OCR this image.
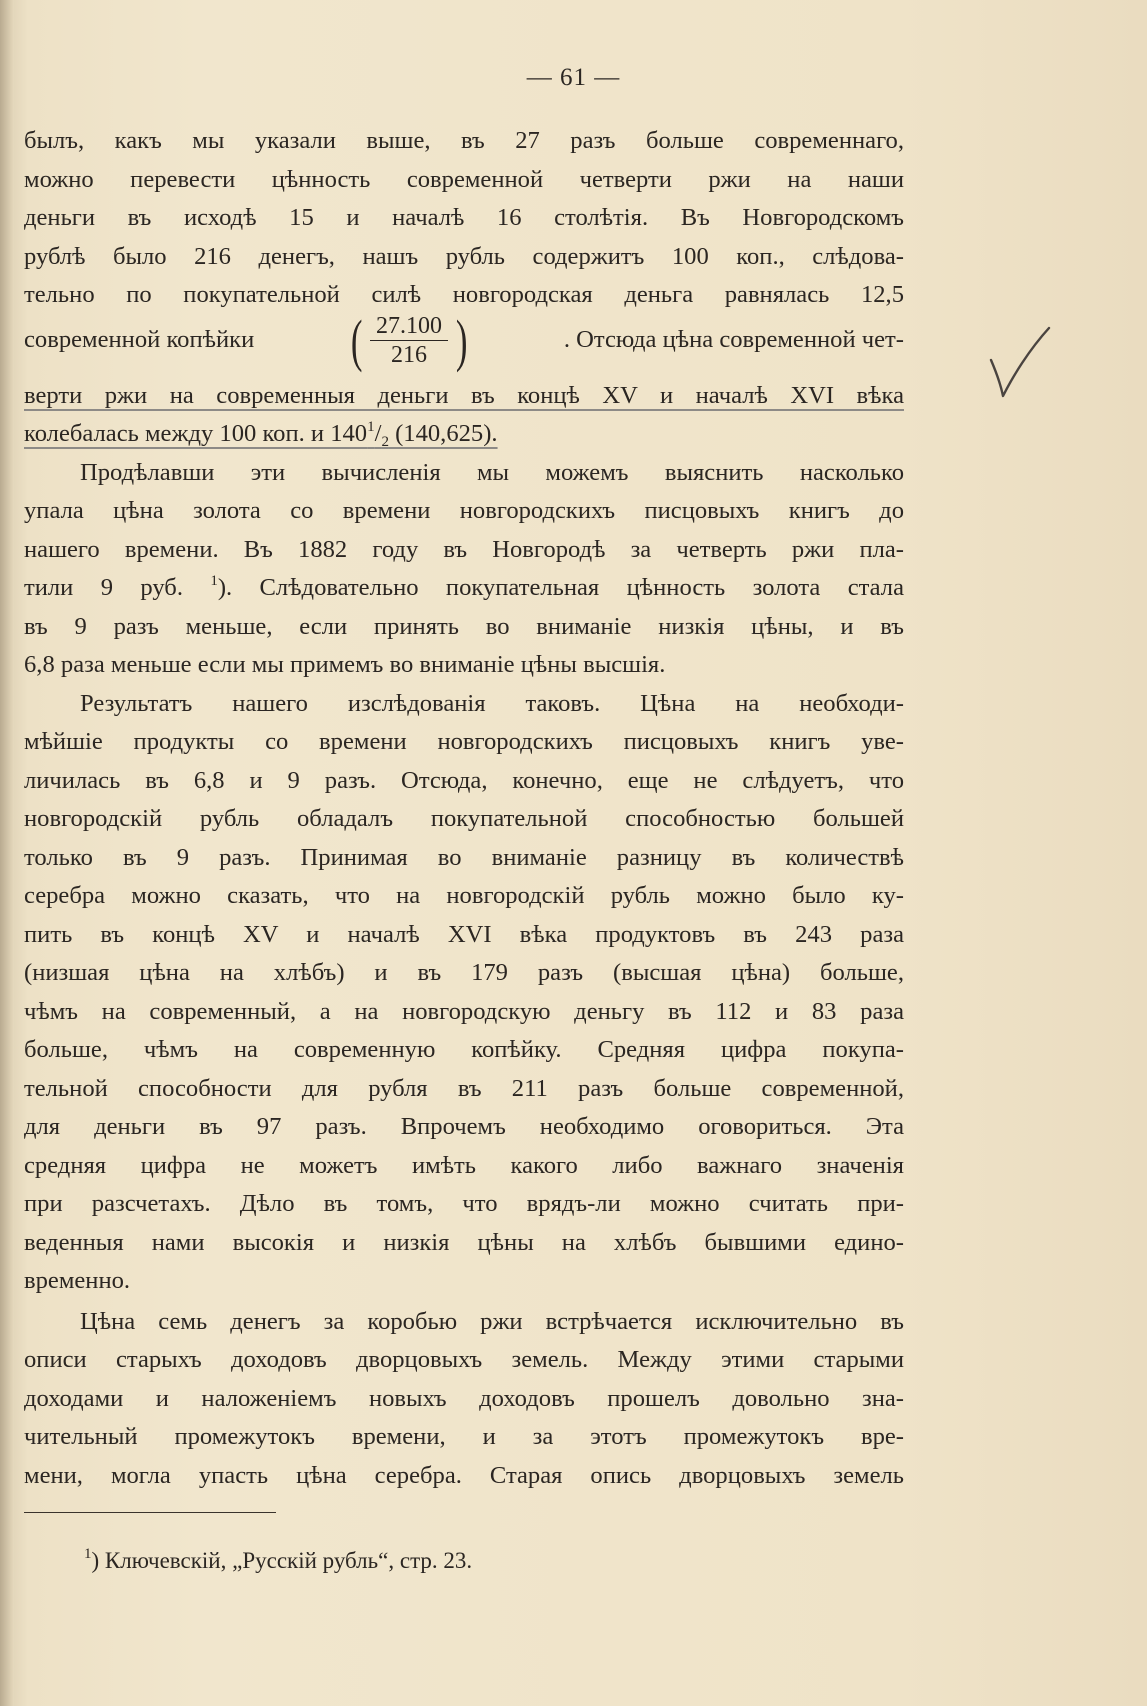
— 61 —
былъ, какъ мы указали выше, въ 27 разъ больше современнаго,
можно перевести цѣнность современной четверти ржи на наши
деньги въ исходѣ 15 и началѣ 16 столѣтія. Въ Новгородскомъ
рублѣ было 216 денегъ, нашъ рубль содержитъ 100 коп., слѣдова-
тельно по покупательной силѣ новгородская деньга равнялась 12,5
современной копѣйки ( $\frac{27.100}{216}$ )	. Отсюда цѣна современной чет-
верти ржи на современныя деньги въ концѣ XV и началѣ XVI вѣка
колебалась между 100 коп. и $140^1/_2$ (140,625).
Продѣлавши эти вычисленія мы можемъ выяснить насколько
упала цѣна золота со времени новгородскихъ писцовыхъ книгъ до
нашего времени. Въ 1882 году въ Новгородѣ за четверть ржи пла-
тили 9 руб. $^1$). Слѣдовательно покупательная цѣнность золота стала
въ 9 разъ меньше, если принять во вниманіе низкія цѣны, и въ
6,8 раза меньше если мы примемъ во вниманіе цѣны высшія.
Результатъ нашего изслѣдованія таковъ. Цѣна на необходи-
мѣйшіе продукты со времени новгородскихъ писцовыхъ книгъ уве-
личилась въ 6,8 и 9 разъ. Отсюда, конечно, еще не слѣдуетъ, что
новгородскій рубль обладалъ покупательной способностью большей
только въ 9 разъ. Принимая во вниманіе разницу въ количествѣ
серебра можно сказать, что на новгородскій рубль можно было ку-
пить въ концѣ XV и началѣ XVI вѣка продуктовъ въ 243 раза
(низшая цѣна на хлѣбъ) и въ 179 разъ (высшая цѣна) больше,
чѣмъ на современный, а на новгородскую деньгу въ 112 и 83 раза
больше, чѣмъ на современную копѣйку. Средняя цифра покупа-
тельной способности для рубля въ 211 разъ больше современной,
для деньги въ 97 разъ. Впрочемъ необходимо оговориться. Эта
средняя цифра не можетъ имѣть какого либо важнаго значенія
при разсчетахъ. Дѣло въ томъ, что врядъ-ли можно считать при-
веденныя нами высокія и низкія цѣны на хлѣбъ бывшими едино-
временно.
Цѣна семь денегъ за коробью ржи встрѣчается исключительно въ
описи старыхъ доходовъ дворцовыхъ земель. Между этими старыми
доходами и наложеніемъ новыхъ доходовъ прошелъ довольно зна-
чительный промежутокъ времени, и за этотъ промежутокъ вре-
мени, могла упасть цѣна серебра. Старая опись дворцовыхъ земель
$^1$) Ключевскій, „Русскій рубль“, стр. 23.
